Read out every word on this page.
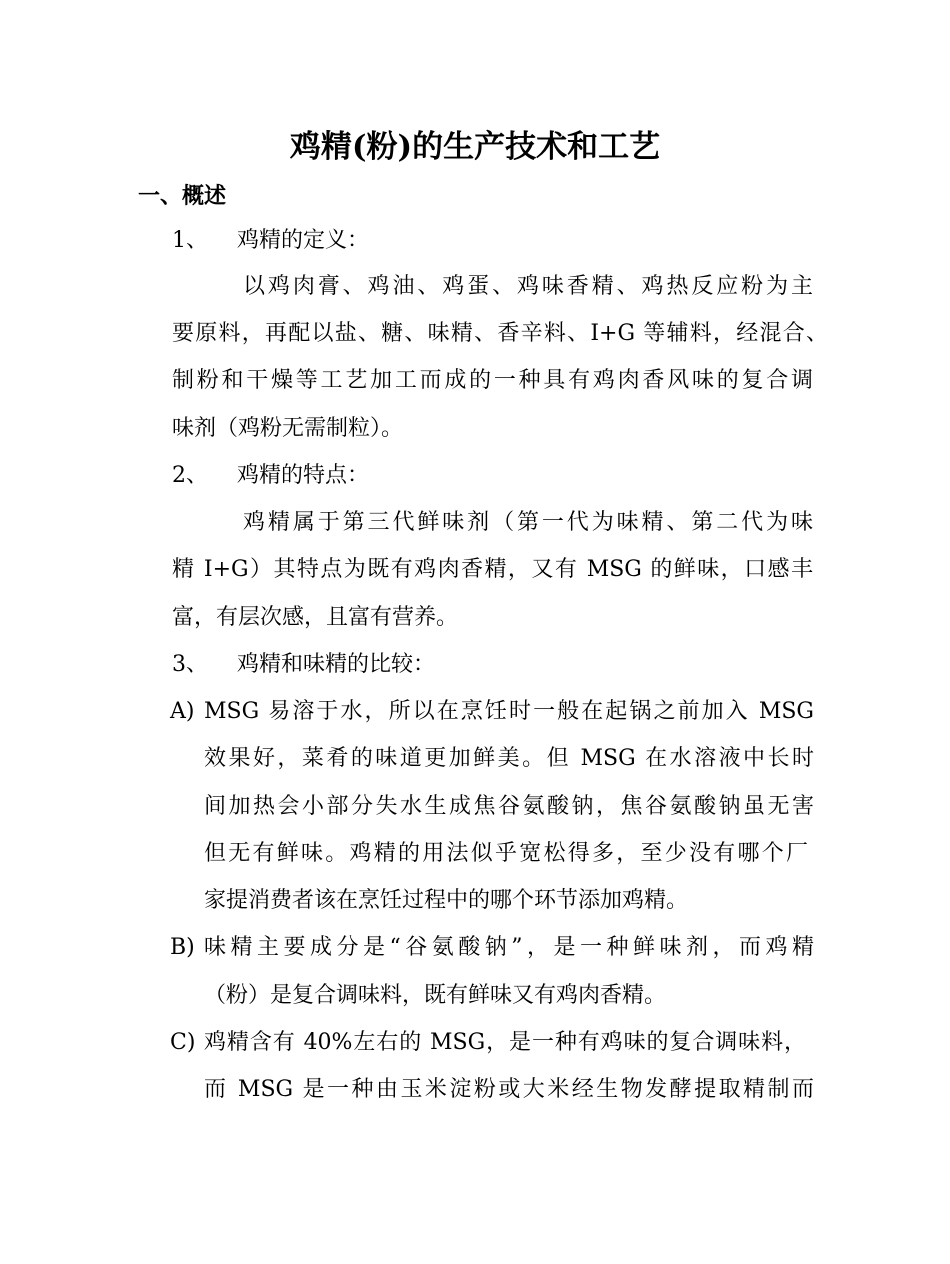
鸡精(粉)的生产技术和工艺
一、概述
1、 鸡精的定义：

以鸡肉膏、鸡油、鸡蛋、鸡味香精、鸡热反应粉为主

要原料，再配以盐、糖、味精、香辛料、I+G 等辅料，经混合、

制粉和干燥等工艺加工而成的一种具有鸡肉香风味的复合调

味剂（鸡粉无需制粒）。

2、 鸡精的特点：

鸡精属于第三代鲜味剂（第一代为味精、第二代为味

精 I+G）其特点为既有鸡肉香精，又有 MSG 的鲜味，口感丰

富，有层次感，且富有营养。

3、 鸡精和味精的比较：
A) MSG 易溶于水，所以在烹饪时一般在起锅之前加入 MSG

效果好，菜肴的味道更加鲜美。但 MSG 在水溶液中长时

间加热会小部分失水生成焦谷氨酸钠，焦谷氨酸钠虽无害

但无有鲜味。鸡精的用法似乎宽松得多，至少没有哪个厂

家提消费者该在烹饪过程中的哪个环节添加鸡精。

B) 味精主要成分是“谷氨酸钠”，是一种鲜味剂，而鸡精

（粉）是复合调味料，既有鲜味又有鸡肉香精。

C) 鸡精含有 40%左右的 MSG，是一种有鸡味的复合调味料，

而 MSG 是一种由玉米淀粉或大米经生物发酵提取精制而
